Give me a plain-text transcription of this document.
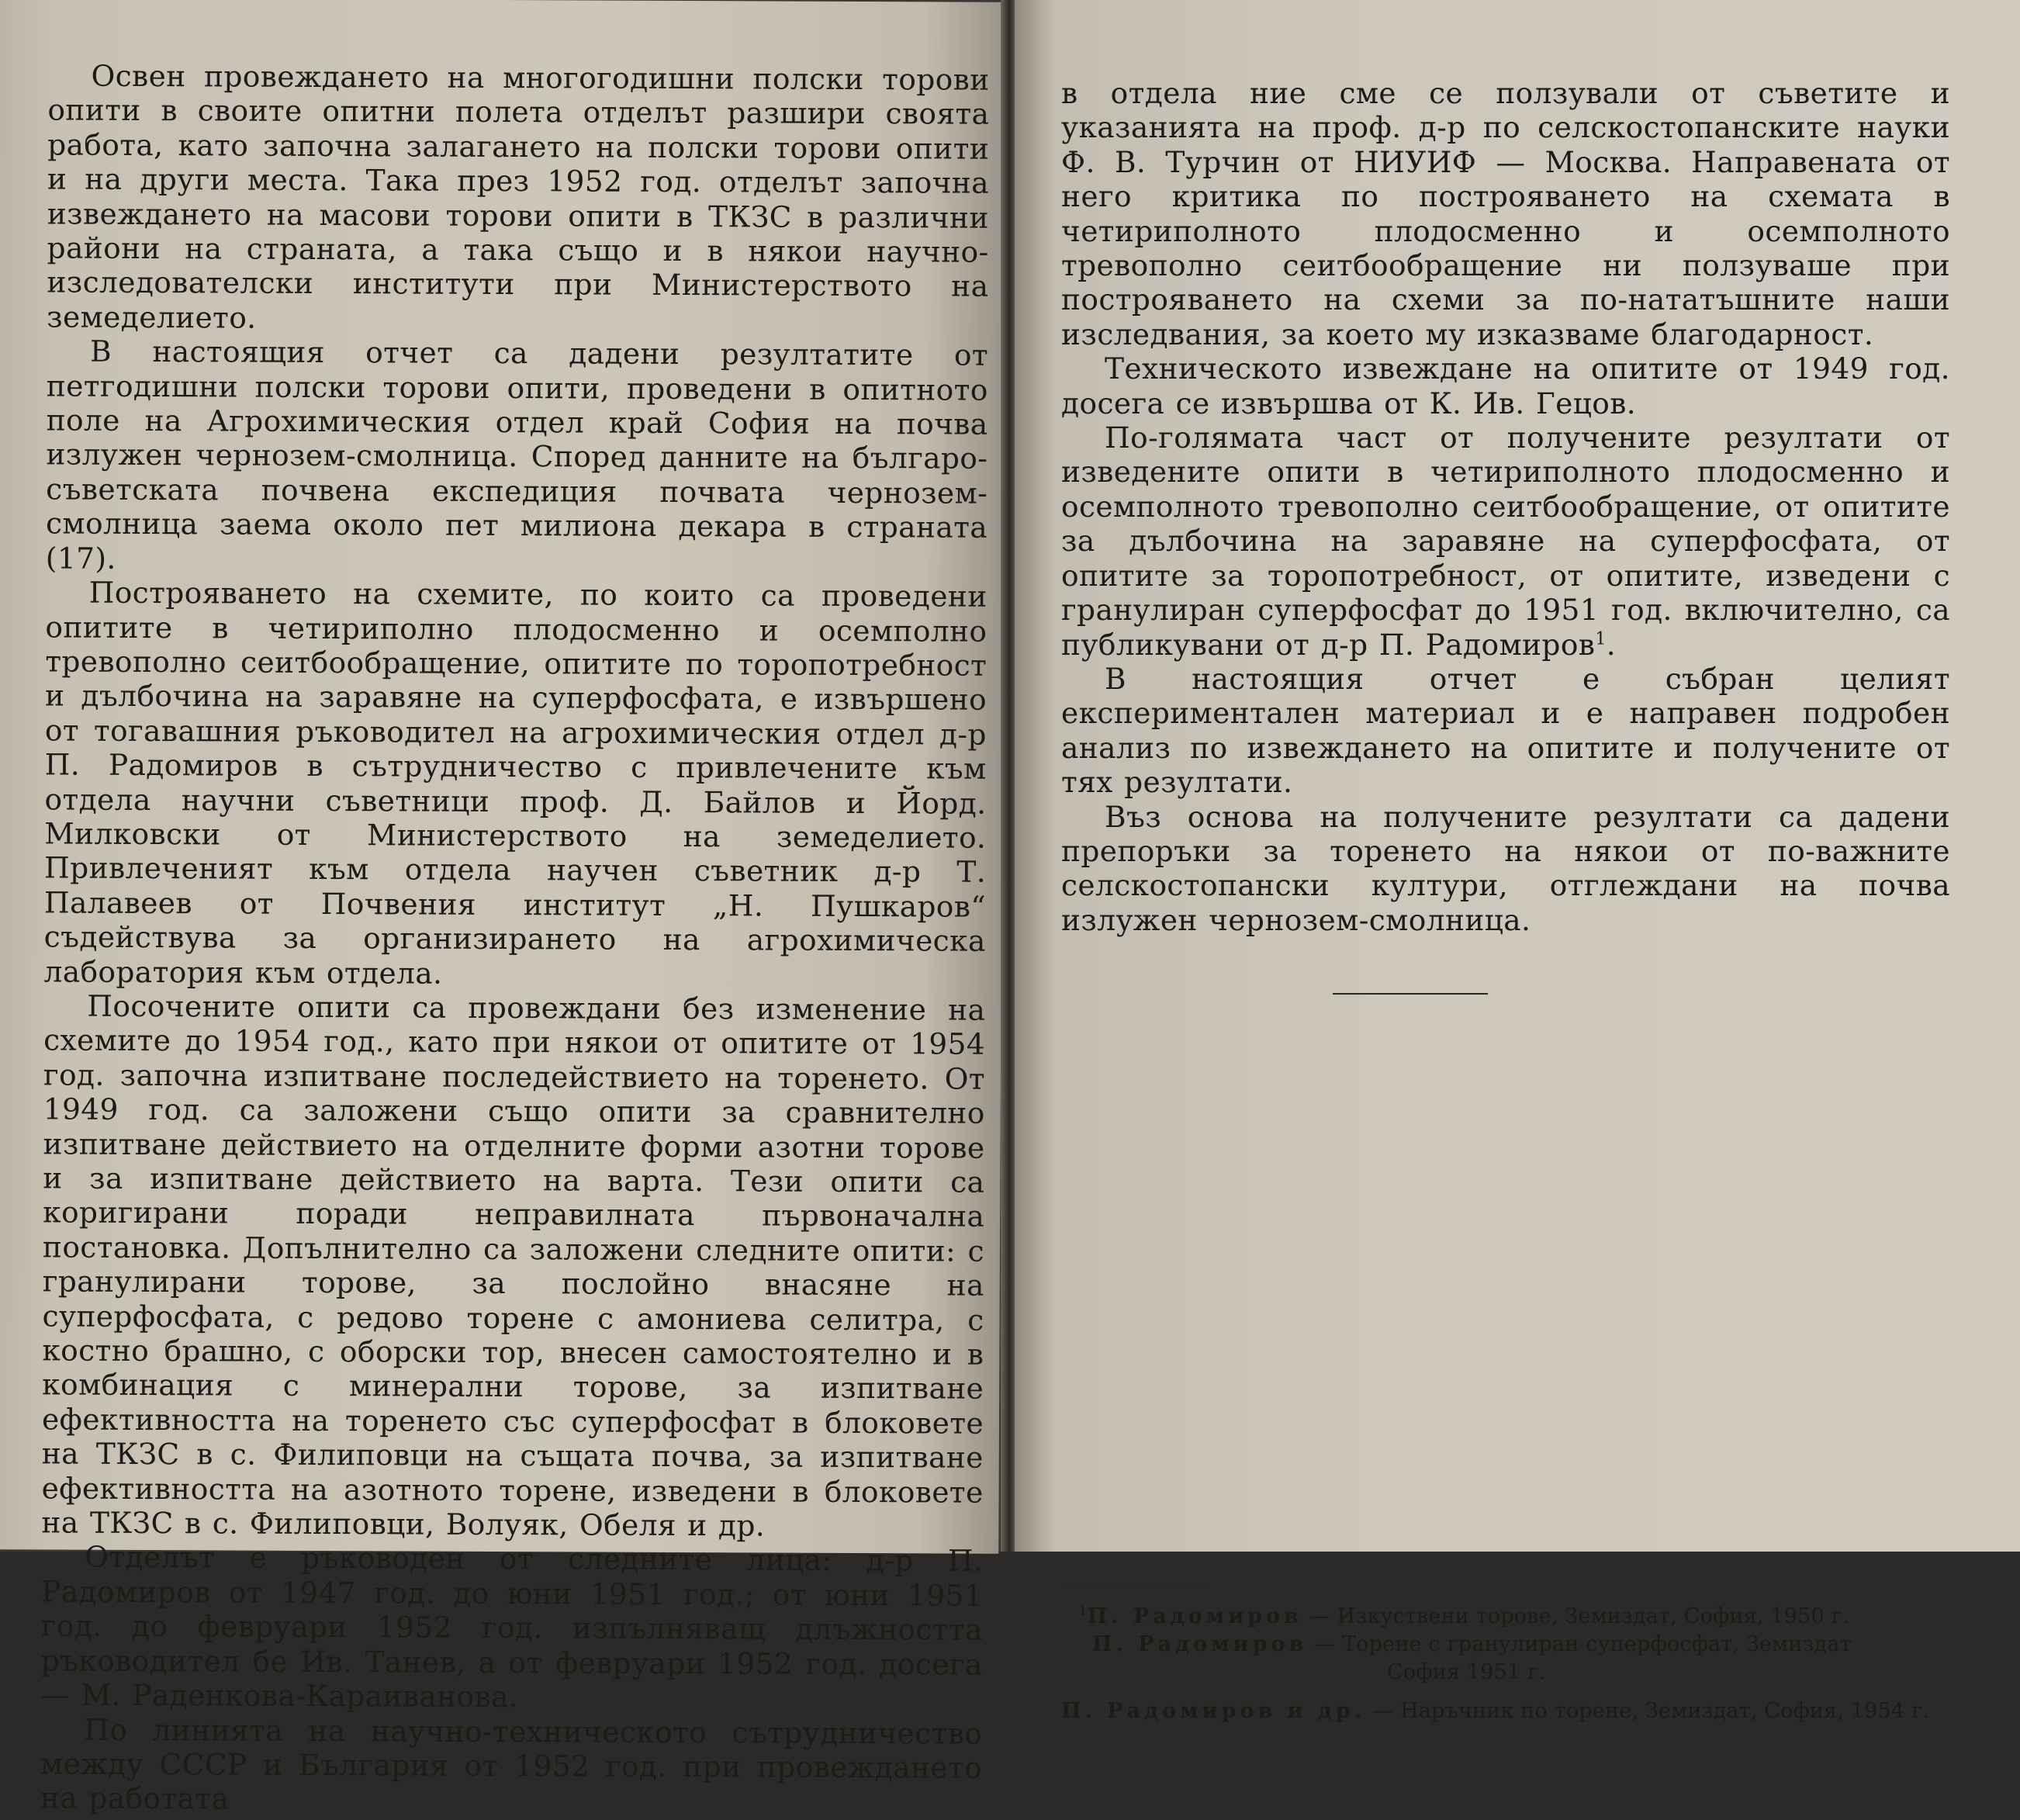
Освен провеждането на многогодишни полски торови опити в своите опитни полета отделът разшири своята работа, като започна залагането на полски торови опити и на други места. Така през 1952 год. отделът започна извеждането на масови торови опити в ТКЗС в различни райони на страната, а така също и в някои научно-изследователски институти при Министерството на земеделието.

В настоящия отчет са дадени резултатите от петгодишни полски торови опити, проведени в опитното поле на Агрохимическия отдел край София на почва излужен чернозем-смолница. Според данните на българо-съветската почвена експедиция почвата чернозем-смолница заема около пет милиона декара в страната (17).

Построяването на схемите, по които са проведени опитите в четириполно плодосменно и осемполно тревополно сеитбообращение, опитите по торопотребност и дълбочина на заравяне на суперфосфата, е извършено от тогавашния ръководител на агрохимическия отдел д-р П. Радомиров в сътрудничество с привлечените към отдела научни съветници проф. Д. Байлов и Йорд. Милковски от Министерството на земеделието. Привлеченият към отдела научен съветник д-р Т. Палавеев от Почвения институт „Н. Пушкаров“ съдействува за организирането на агрохимическа лаборатория към отдела.

Посочените опити са провеждани без изменение на схемите до 1954 год., като при някои от опитите от 1954 год. започна изпитване последействието на торенето. От 1949 год. са заложени също опити за сравнително изпитване действието на отделните форми азотни торове и за изпитване действието на варта. Тези опити са коригирани поради неправилната първоначална постановка. Допълнително са заложени следните опити: с гранулирани торове, за послойно внасяне на суперфосфата, с редово торене с амониева селитра, с костно брашно, с оборски тор, внесен самостоятелно и в комбинация с минерални торове, за изпитване ефективността на торенето със суперфосфат в блоковете на ТКЗС в с. Филиповци на същата почва, за изпитване ефективността на азотното торене, изведени в блоковете на ТКЗС в с. Филиповци, Волуяк, Обеля и др.

Отделът е ръководен от следните лица: д-р П. Радомиров от 1947 год. до юни 1951 год.; от юни 1951 год. до февруари 1952 год. изпълняващ длъжността ръководител бе Ив. Танев, а от февруари 1952 год. досега — М. Раденкова-Караиванова.

По линията на научно-техническото сътрудничество между СССР и България от 1952 год. при провеждането на работата

в отдела ние сме се ползували от съветите и указанията на проф. д-р по селскостопанските науки Ф. В. Турчин от НИУИФ — Москва. Направената от него критика по построяването на схемата в четириполното плодосменно и осемполното тревополно сеитбообращение ни ползуваше при построяването на схеми за по-нататъшните наши изследвания, за което му изказваме благодарност.

Техническото извеждане на опитите от 1949 год. досега се извършва от К. Ив. Гецов.

По-голямата част от получените резултати от изведените опити в четириполното плодосменно и осемполното тревополно сеитбообращение, от опитите за дълбочина на заравяне на суперфосфата, от опитите за торопотребност, от опитите, изведени с гранулиран суперфосфат до 1951 год. включително, са публикувани от д-р П. Радомиров$^1$.

В настоящия отчет е събран целият експериментален материал и е направен подробен анализ по извеждането на опитите и получените от тях резултати.

Въз основа на получените резултати са дадени препоръки за торенето на някои от по-важните селскостопански култури, отглеждани на почва излужен чернозем-смолница.

$^1$П. Радомиров — Изкуствени торове, Земиздат, София, 1950 г.

П. Радомиров — Торене с гранулиран суперфосфат, Земиздат

София 1951 г.

П. Радомиров и др. — Наръчник по торене, Земиздат, София, 1954 г.
